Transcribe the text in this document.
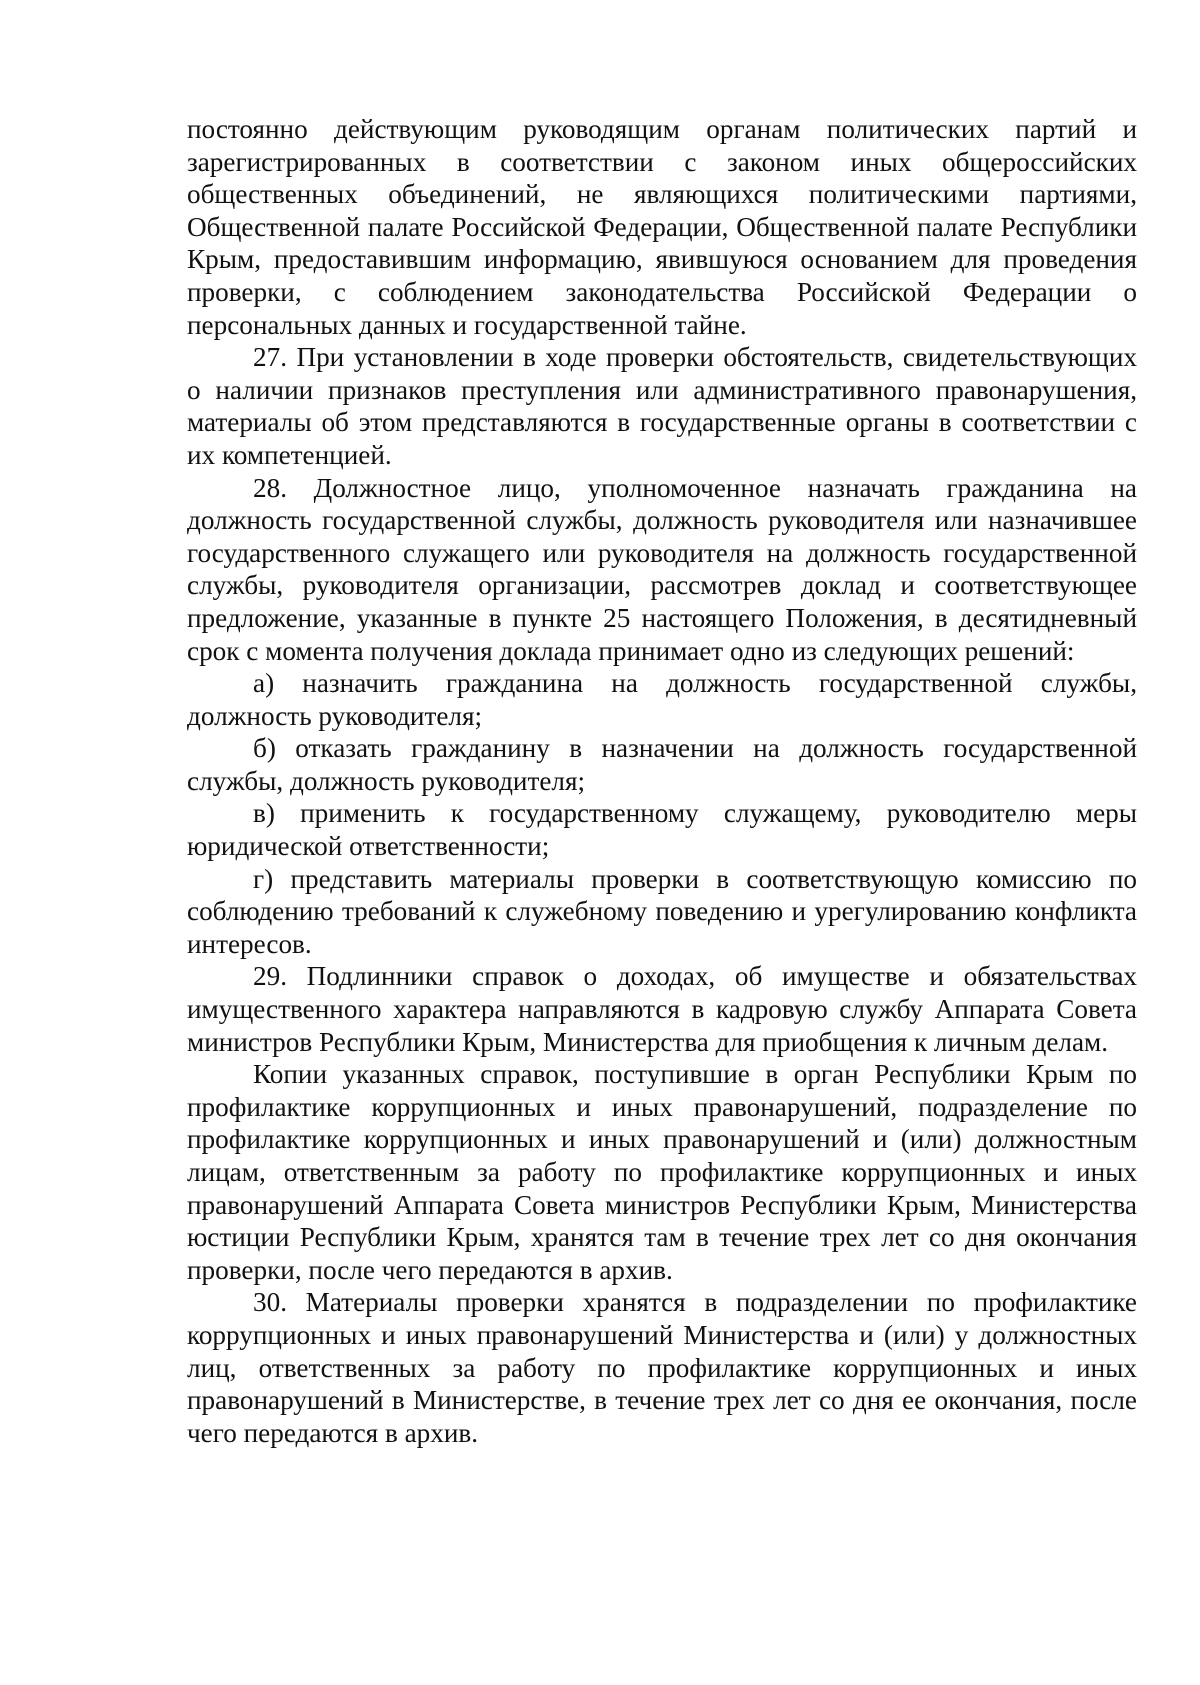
постоянно действующим руководящим органам политических партий и зарегистрированных в соответствии с законом иных общероссийских общественных объединений, не являющихся политическими партиями, Общественной палате Российской Федерации, Общественной палате Республики Крым, предоставившим информацию, явившуюся основанием для проведения проверки, с соблюдением законодательства Российской Федерации о персональных данных и государственной тайне.

27. При установлении в ходе проверки обстоятельств, свидетельствующих о наличии признаков преступления или административного правонарушения, материалы об этом представляются в государственные органы в соответствии с их компетенцией.

28. Должностное лицо, уполномоченное назначать гражданина на должность государственной службы, должность руководителя или назначившее государственного служащего или руководителя на должность государственной службы, руководителя организации, рассмотрев доклад и соответствующее предложение, указанные в пункте 25 настоящего Положения, в десятидневный срок с момента получения доклада принимает одно из следующих решений:

а) назначить гражданина на должность государственной службы, должность руководителя;

б) отказать гражданину в назначении на должность государственной службы, должность руководителя;

в) применить к государственному служащему, руководителю меры юридической ответственности;

г) представить материалы проверки в соответствующую комиссию по соблюдению требований к служебному поведению и урегулированию конфликта интересов.

29. Подлинники справок о доходах, об имуществе и обязательствах имущественного характера направляются в кадровую службу Аппарата Совета министров Республики Крым, Министерства для приобщения к личным делам.

Копии указанных справок, поступившие в орган Республики Крым по профилактике коррупционных и иных правонарушений, подразделение по профилактике коррупционных и иных правонарушений и (или) должностным лицам, ответственным за работу по профилактике коррупционных и иных правонарушений Аппарата Совета министров Республики Крым, Министерства юстиции Республики Крым, хранятся там в течение трех лет со дня окончания проверки, после чего передаются в архив.

30. Материалы проверки хранятся в подразделении по профилактике коррупционных и иных правонарушений Министерства и (или) у должностных лиц, ответственных за работу по профилактике коррупционных и иных правонарушений в Министерстве, в течение трех лет со дня ее окончания, после чего передаются в архив.
